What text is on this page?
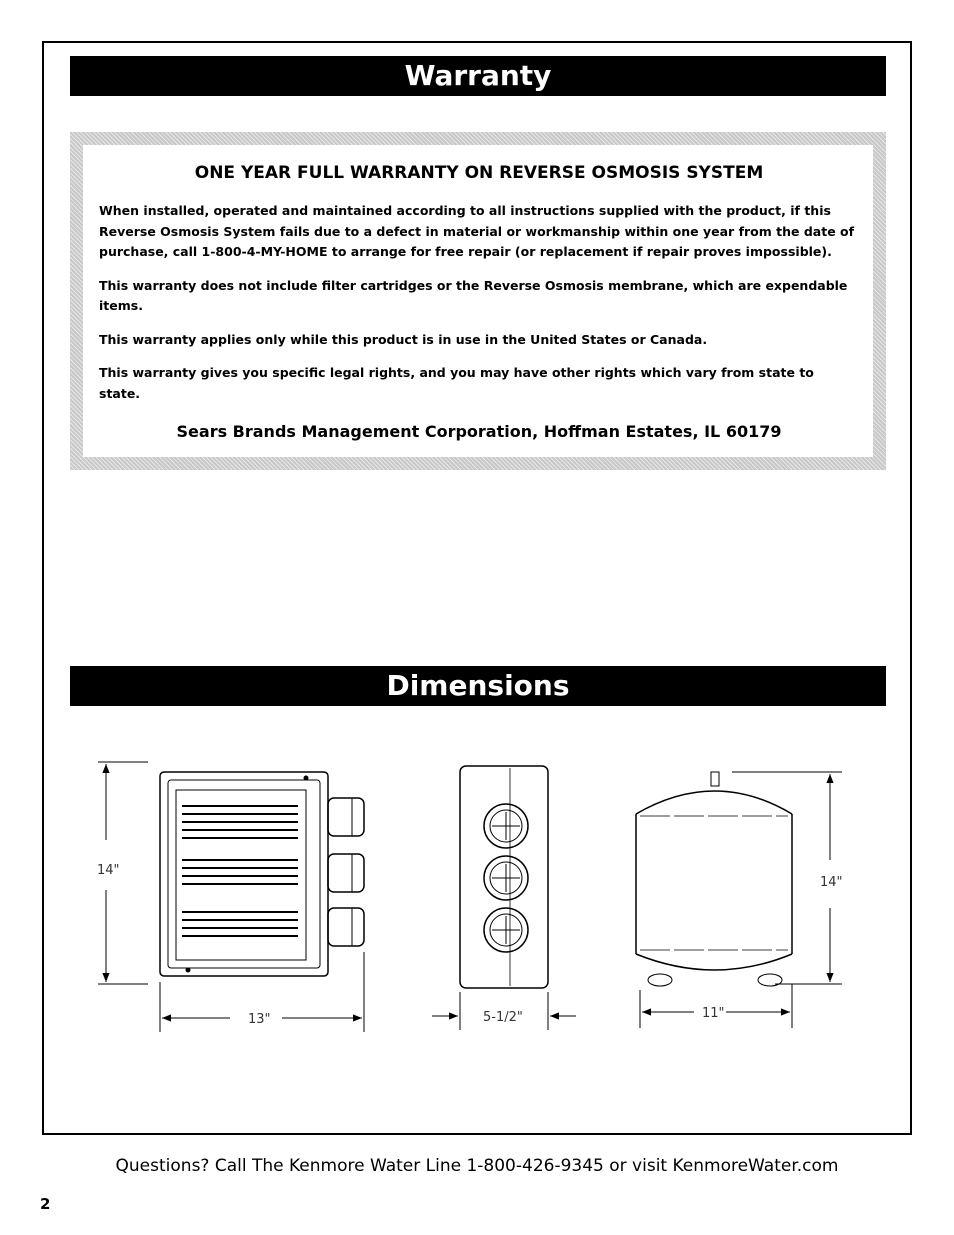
Warranty
ONE YEAR FULL WARRANTY ON REVERSE OSMOSIS SYSTEM

When installed, operated and maintained according to all instructions supplied with the product, if this Reverse Osmosis System fails due to a defect in material or workmanship within one year from the date of purchase, call 1-800-4-MY-HOME to arrange for free repair (or replacement if repair proves impossible).

This warranty does not include filter cartridges or the Reverse Osmosis membrane, which are expendable items.

This warranty applies only while this product is in use in the United States or Canada.

This warranty gives you specific legal rights, and you may have other rights which vary from state to state.

Sears Brands Management Corporation, Hoffman Estates, IL 60179
Dimensions
14"
13"	5-1/2"
14"
11"
Questions? Call The Kenmore Water Line 1-800-426-9345 or visit KenmoreWater.com
2
